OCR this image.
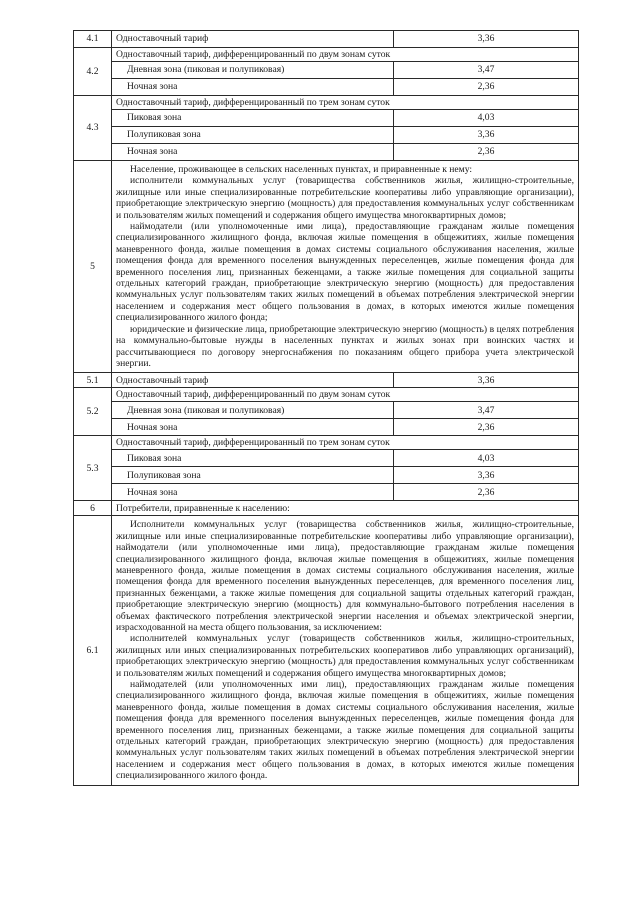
4.1	Одноставочный тариф	3,36
4.2	Одноставочный тариф, дифференцированный по двум зонам суток	
	Дневная зона (пиковая и полупиковая)	3,47
	Ночная зона	2,36
4.3	Одноставочный тариф, дифференцированный по трем зонам суток	
	Пиковая зона	4,03
	Полупиковая зона	3,36
	Ночная зона	2,36
5	Население, проживающее в сельских населенных пунктах, и приравненные к нему:

исполнители коммунальных услуг (товарищества собственников жилья, жилищно-строительные, жилищные или иные специализированные потребительские кооперативы либо управляющие организации), приобретающие электрическую энергию (мощность) для предоставления коммунальных услуг собственникам и пользователям жилых помещений и содержания общего имущества многоквартирных домов;

наймодатели (или уполномоченные ими лица), предоставляющие гражданам жилые помещения специализированного жилищного фонда, включая жилые помещения в общежитиях, жилые помещения маневренного фонда, жилые помещения в домах системы социального обслуживания населения, жилые помещения фонда для временного поселения вынужденных переселенцев, жилые помещения фонда для временного поселения лиц, признанных беженцами, а также жилые помещения для социальной защиты отдельных категорий граждан, приобретающие электрическую энергию (мощность) для предоставления коммунальных услуг пользователям таких жилых помещений в объемах потребления электрической энергии населением и содержания мест общего пользования в домах, в которых имеются жилые помещения специализированного жилого фонда;

юридические и физические лица, приобретающие электрическую энергию (мощность) в целях потребления на коммунально-бытовые нужды в населенных пунктах и жилых зонах при воинских частях и рассчитывающиеся по договору энергоснабжения по показаниям общего прибора учета электрической энергии.	

5.1	Одноставочный тариф	3,36
5.2	Одноставочный тариф, дифференцированный по двум зонам суток	
	Дневная зона (пиковая и полупиковая)	3,47
	Ночная зона	2,36
5.3	Одноставочный тариф, дифференцированный по трем зонам суток	
	Пиковая зона	4,03
	Полупиковая зона	3,36
	Ночная зона	2,36
6	Потребители, приравненные к населению:	
6.1	Исполнители коммунальных услуг (товарищества собственников жилья, жилищно-строительные, жилищные или иные специализированные потребительские кооперативы либо управляющие организации), наймодатели (или уполномоченные ими лица), предоставляющие гражданам жилые помещения специализированного жилищного фонда, включая жилые помещения в общежитиях, жилые помещения маневренного фонда, жилые помещения в домах системы социального обслуживания населения, жилые помещения фонда для временного поселения вынужденных переселенцев, для временного поселения лиц, признанных беженцами, а также жилые помещения для социальной защиты отдельных категорий граждан, приобретающие электрическую энергию (мощность) для коммунально-бытового потребления населения в объемах фактического потребления электрической энергии населения и объемах электрической энергии, израсходованной на места общего пользования, за исключением:

исполнителей коммунальных услуг (товариществ собственников жилья, жилищно-строительных, жилищных или иных специализированных потребительских кооперативов либо управляющих организаций), приобретающих электрическую энергию (мощность) для предоставления коммунальных услуг собственникам и пользователям жилых помещений и содержания общего имущества многоквартирных домов;

наймодателей (или уполномоченных ими лиц), предоставляющих гражданам жилые помещения специализированного жилищного фонда, включая жилые помещения в общежитиях, жилые помещения маневренного фонда, жилые помещения в домах системы социального обслуживания населения, жилые помещения фонда для временного поселения вынужденных переселенцев, жилые помещения фонда для временного поселения лиц, признанных беженцами, а также жилые помещения для социальной защиты отдельных категорий граждан, приобретающих электрическую энергию (мощность) для предоставления коммунальных услуг пользователям таких жилых помещений в объемах потребления электрической энергии населением и содержания мест общего пользования в домах, в которых имеются жилые помещения специализированного жилого фонда.	
